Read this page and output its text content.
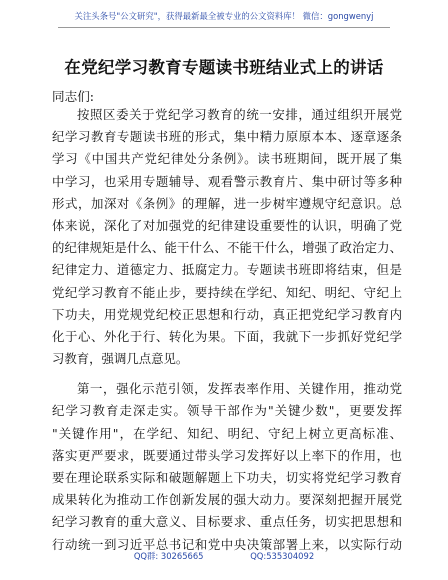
关注头条号"公文研究"，获得最新最全被专业的公文资料库！ 微信：gongwenyj
在党纪学习教育专题读书班结业式上的讲话
同志们:
按照区委关于党纪学习教育的统一安排，通过组织开展党
纪学习教育专题读书班的形式，集中精力原原本本、逐章逐条
学习《中国共产党纪律处分条例》。读书班期间，既开展了集
中学习，也采用专题辅导、观看警示教育片、集中研讨等多种
形式，加深对《条例》的理解，进一步树牢遵规守纪意识。总
体来说，深化了对加强党的纪律建设重要性的认识，明确了党
的纪律规矩是什么、能干什么、不能干什么，增强了政治定力、
纪律定力、道德定力、抵腐定力。专题读书班即将结束，但是
党纪学习教育不能止步，要持续在学纪、知纪、明纪、守纪上
下功夫，用党规党纪校正思想和行动，真正把党纪学习教育内
化于心、外化于行、转化为果。下面，我就下一步抓好党纪学
习教育，强调几点意见。
第一，强化示范引领，发挥表率作用、关键作用，推动党
纪学习教育走深走实。领导干部作为"关键少数"，更要发挥
"关键作用"，在学纪、知纪、明纪、守纪上树立更高标准、
落实更严要求，既要通过带头学习发挥好以上率下的作用，也
要在理论联系实际和破题解题上下功夫，切实将党纪学习教育
成果转化为推动工作创新发展的强大动力。要深刻把握开展党
纪学习教育的重大意义、目标要求、重点任务，切实把思想和
行动统一到习近平总书记和党中央决策部署上来，以实际行动
QQ群: 30265665	QQ:535304092
